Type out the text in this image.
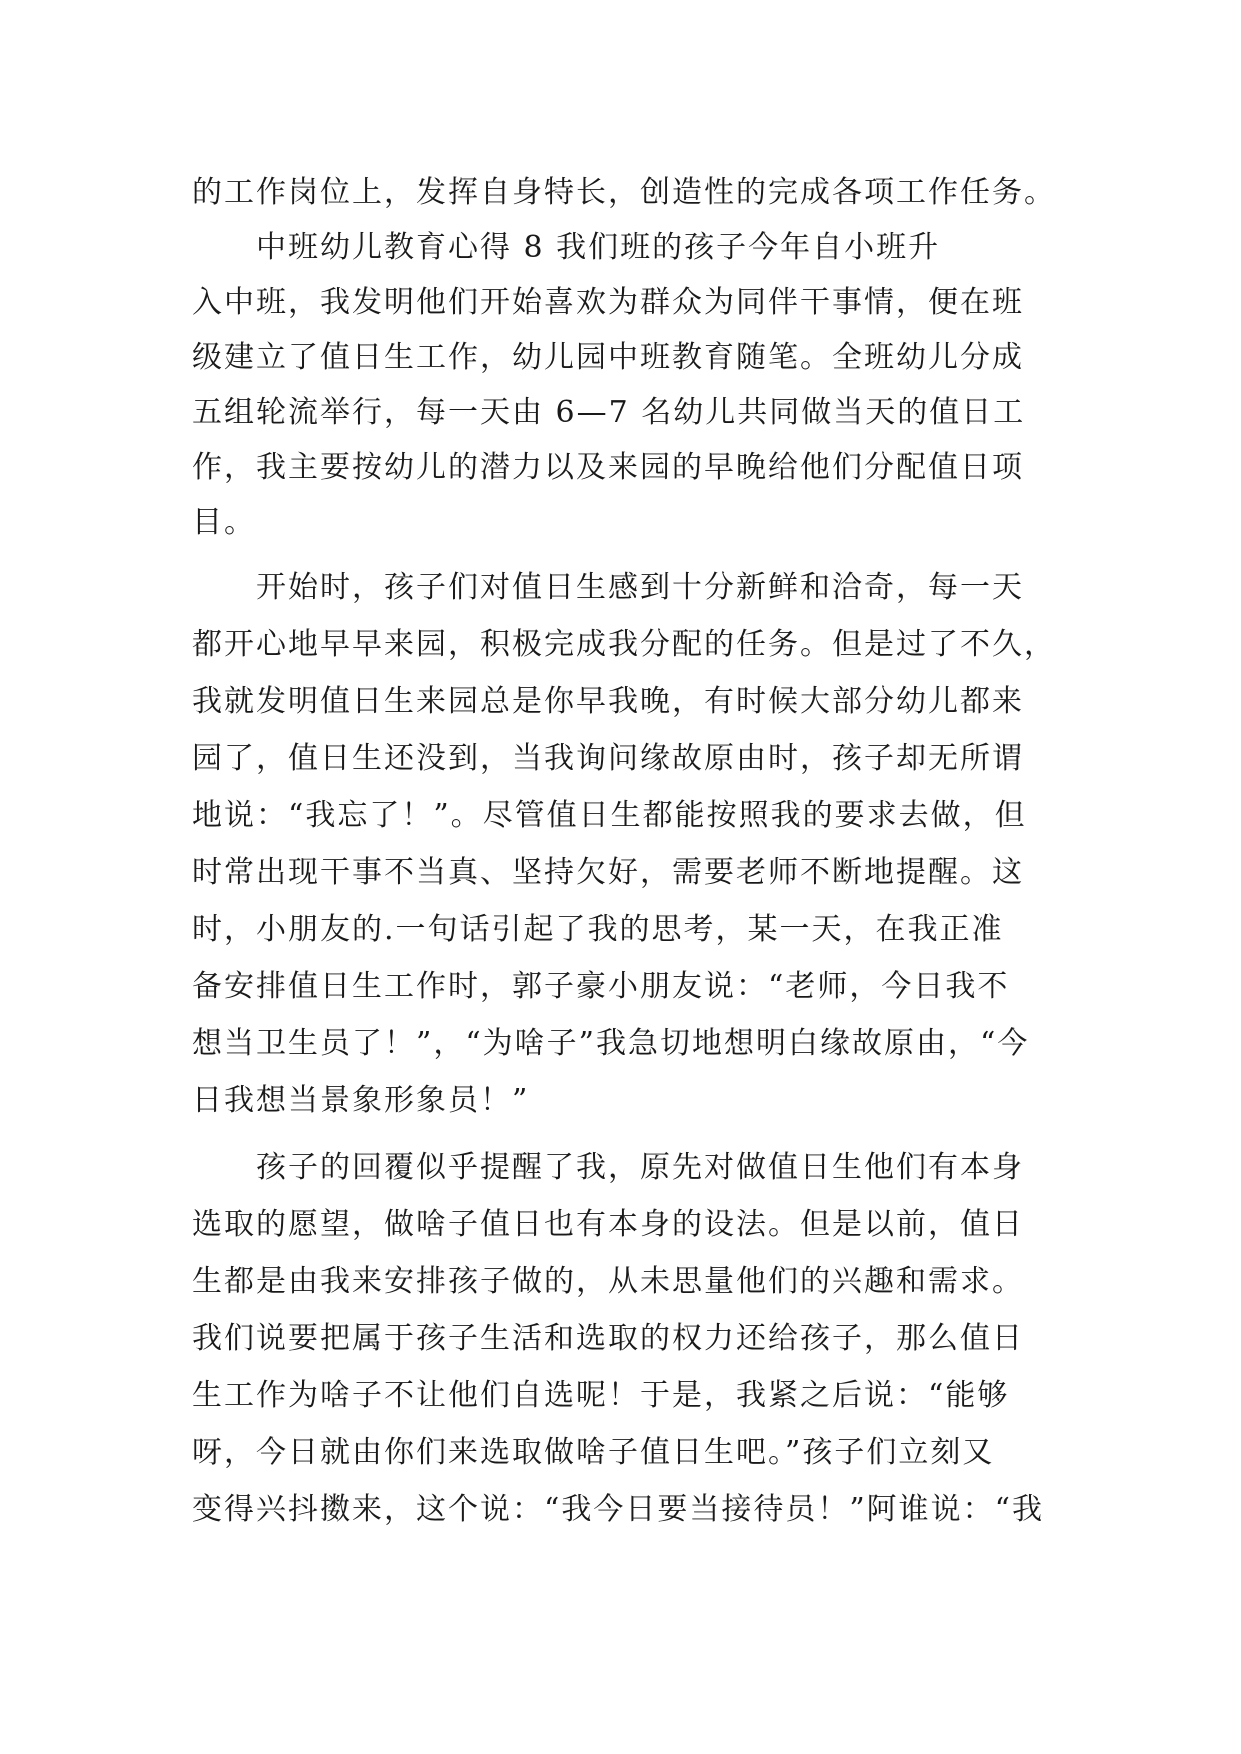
的工作岗位上，发挥自身特长，创造性的完成各项工作任务。
中班幼儿教育心得 8 我们班的孩子今年自小班升
入中班，我发明他们开始喜欢为群众为同伴干事情，便在班
级建立了值日生工作，幼儿园中班教育随笔。全班幼儿分成
五组轮流举行，每一天由 6—7 名幼儿共同做当天的值日工
作，我主要按幼儿的潜力以及来园的早晚给他们分配值日项
目。
开始时，孩子们对值日生感到十分新鲜和洽奇，每一天
都开心地早早来园，积极完成我分配的任务。但是过了不久，
我就发明值日生来园总是你早我晚，有时候大部分幼儿都来
园了，值日生还没到，当我询问缘故原由时，孩子却无所谓
地说：“我忘了！”。尽管值日生都能按照我的要求去做，但
时常出现干事不当真、坚持欠好，需要老师不断地提醒。这
时，小朋友的.一句话引起了我的思考，某一天，在我正准
备安排值日生工作时，郭子豪小朋友说：“老师，今日我不
想当卫生员了！”，“为啥子”我急切地想明白缘故原由，“今
日我想当景象形象员！”
孩子的回覆似乎提醒了我，原先对做值日生他们有本身
选取的愿望，做啥子值日也有本身的设法。但是以前，值日
生都是由我来安排孩子做的，从未思量他们的兴趣和需求。
我们说要把属于孩子生活和选取的权力还给孩子，那么值日
生工作为啥子不让他们自选呢！于是，我紧之后说：“能够
呀，今日就由你们来选取做啥子值日生吧。”孩子们立刻又
变得兴抖擞来，这个说：“我今日要当接待员！”阿谁说：“我
